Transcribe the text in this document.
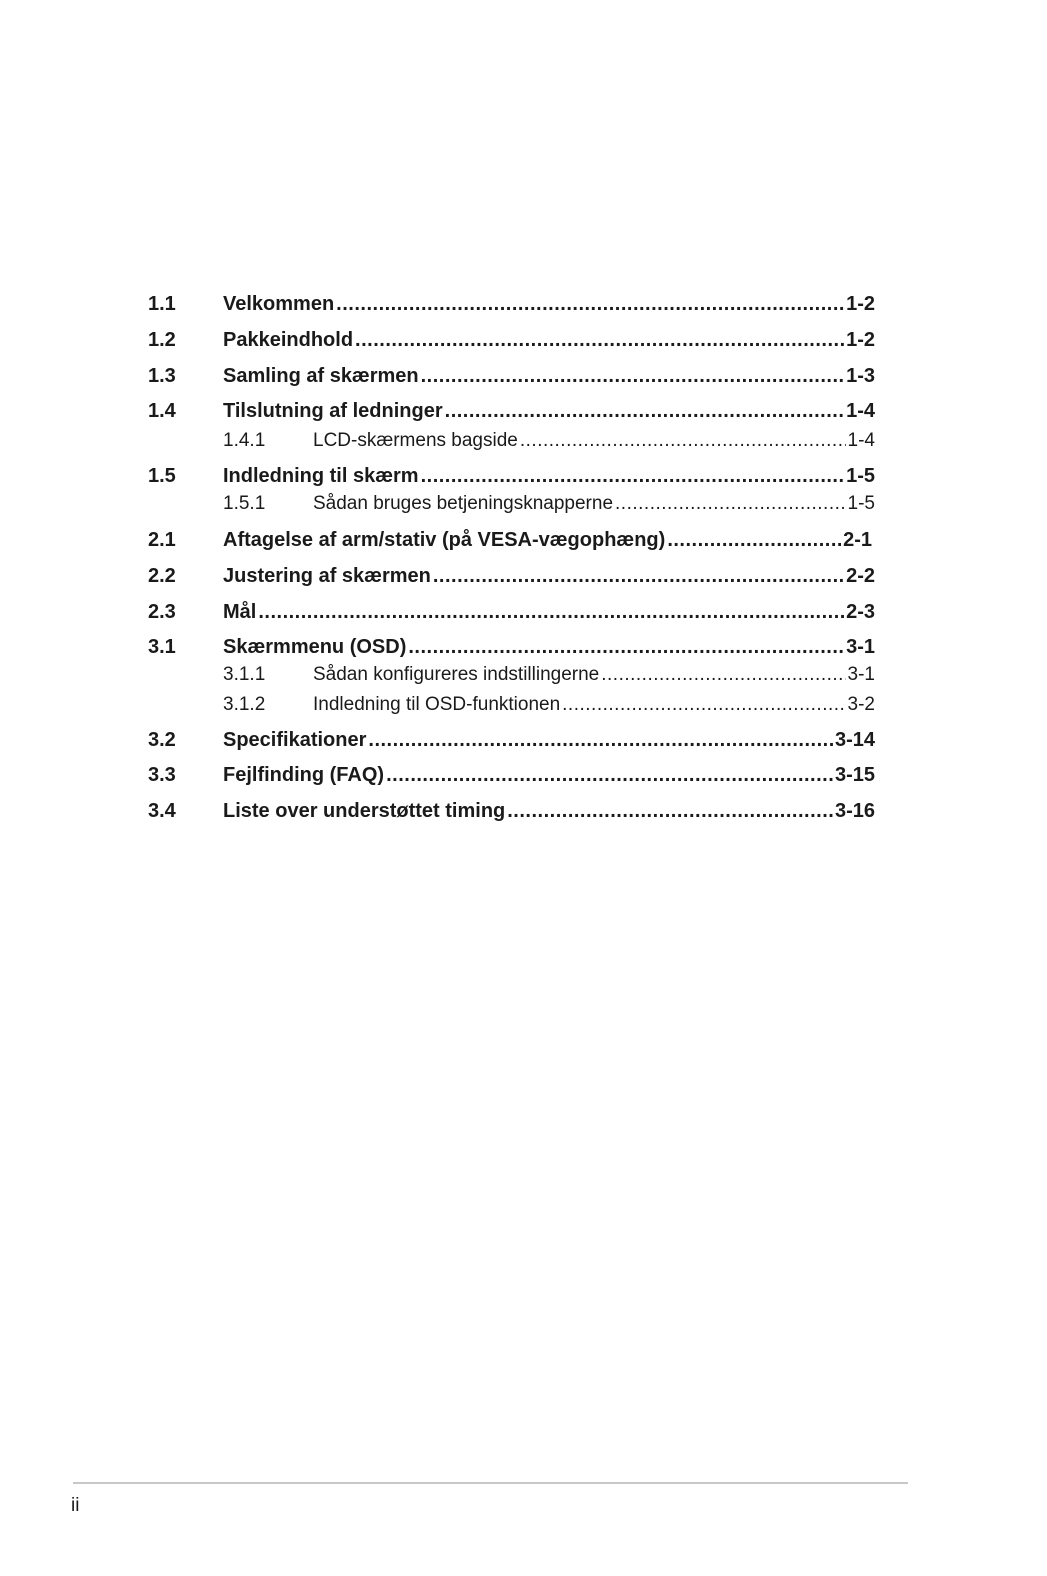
1.1 Velkommen .....	1-2
1.2 Pakkeindhold .....	1-2
1.3 Samling af skærmen .....	1-3
1.4 Tilslutning af ledninger .....	1-4
1.4.1	LCD-skærmens bagside .....	1-4
1.5 Indledning til skærm .....	1-5
1.5.1	Sådan bruges betjeningsknapperne .....	1-5
2.1 Aftagelse af arm/stativ (på VESA-vægophæng) .....	2-1
2.2 Justering af skærmen .....	2-2
2.3 Mål .....	2-3
3.1 Skærmmenu (OSD) .....	3-1
3.1.1	Sådan konfigureres indstillingerne .....	3-1
3.1.2	Indledning til OSD-funktionen .....	3-2
3.2 Specifikationer .....	3-14
3.3 Fejlfinding (FAQ) .....	3-15
3.4 Liste over understøttet timing .....	3-16
ii
